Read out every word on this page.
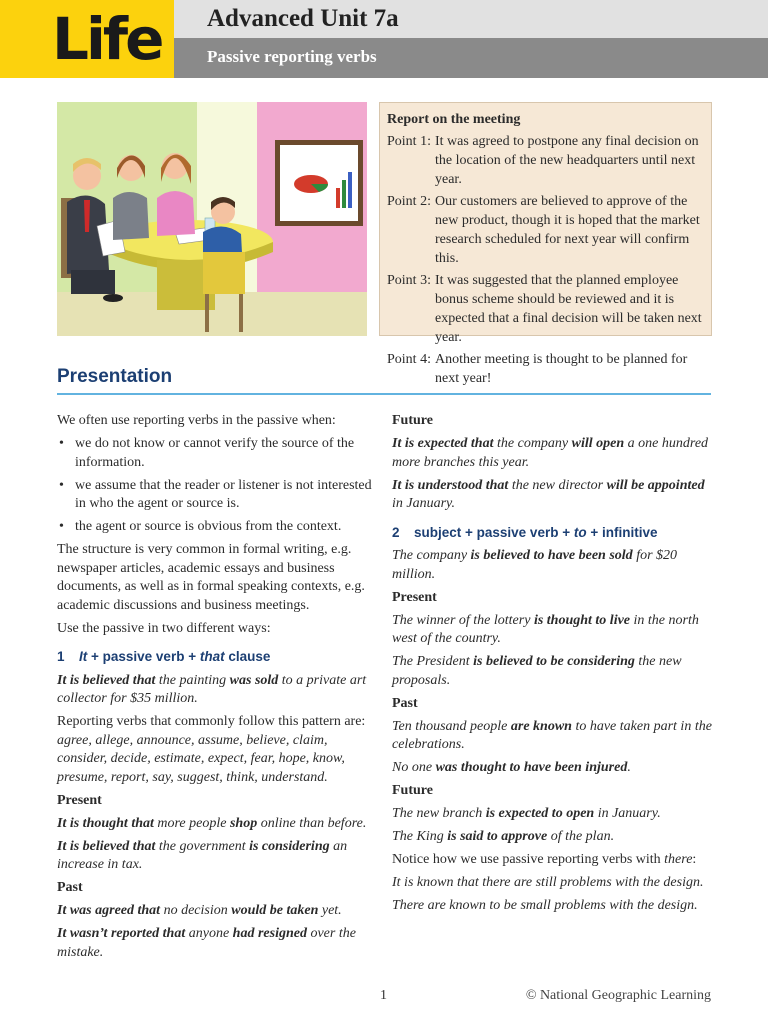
Life Advanced Unit 7a
Passive reporting verbs
Report on the meeting
Point 1: It was agreed to postpone any final decision on the location of the new headquarters until next year.
Point 2: Our customers are believed to approve of the new product, though it is hoped that the market research scheduled for next year will confirm this.
Point 3: It was suggested that the planned employee bonus scheme should be reviewed and it is expected that a final decision will be taken next year.
Point 4: Another meeting is thought to be planned for next year!
Presentation

We often use reporting verbs in the passive when:

• we do not know or cannot verify the source of the information.
• we assume that the reader or listener is not interested in who the agent or source is.
• the agent or source is obvious from the context.

The structure is very common in formal writing, e.g. newspaper articles, academic essays and business documents, as well as in formal speaking contexts, e.g. academic discussions and business meetings.

Use the passive in two different ways:

1 It + passive verb + that clause

It is believed that the painting was sold to a private art collector for $35 million.

Reporting verbs that commonly follow this pattern are:
agree, allege, announce, assume, believe, claim, consider, decide, estimate, expect, fear, hope, know, presume, report, say, suggest, think, understand.

Present

It is thought that more people shop online than before.

It is believed that the government is considering an increase in tax.

Past

It was agreed that no decision would be taken yet.

It wasn’t reported that anyone had resigned over the mistake.

Future

It is expected that the company will open a one hundred more branches this year.

It is understood that the new director will be appointed in January.

2 subject + passive verb + to + infinitive

The company is believed to have been sold for $20 million.

Present

The winner of the lottery is thought to live in the north west of the country.

The President is believed to be considering the new proposals.

Past

Ten thousand people are known to have taken part in the celebrations.

No one was thought to have been injured.

Future

The new branch is expected to open in January.

The King is said to approve of the plan.

Notice how we use passive reporting verbs with there:

It is known that there are still problems with the design.

There are known to be small problems with the design.

1	© National Geographic Learning
